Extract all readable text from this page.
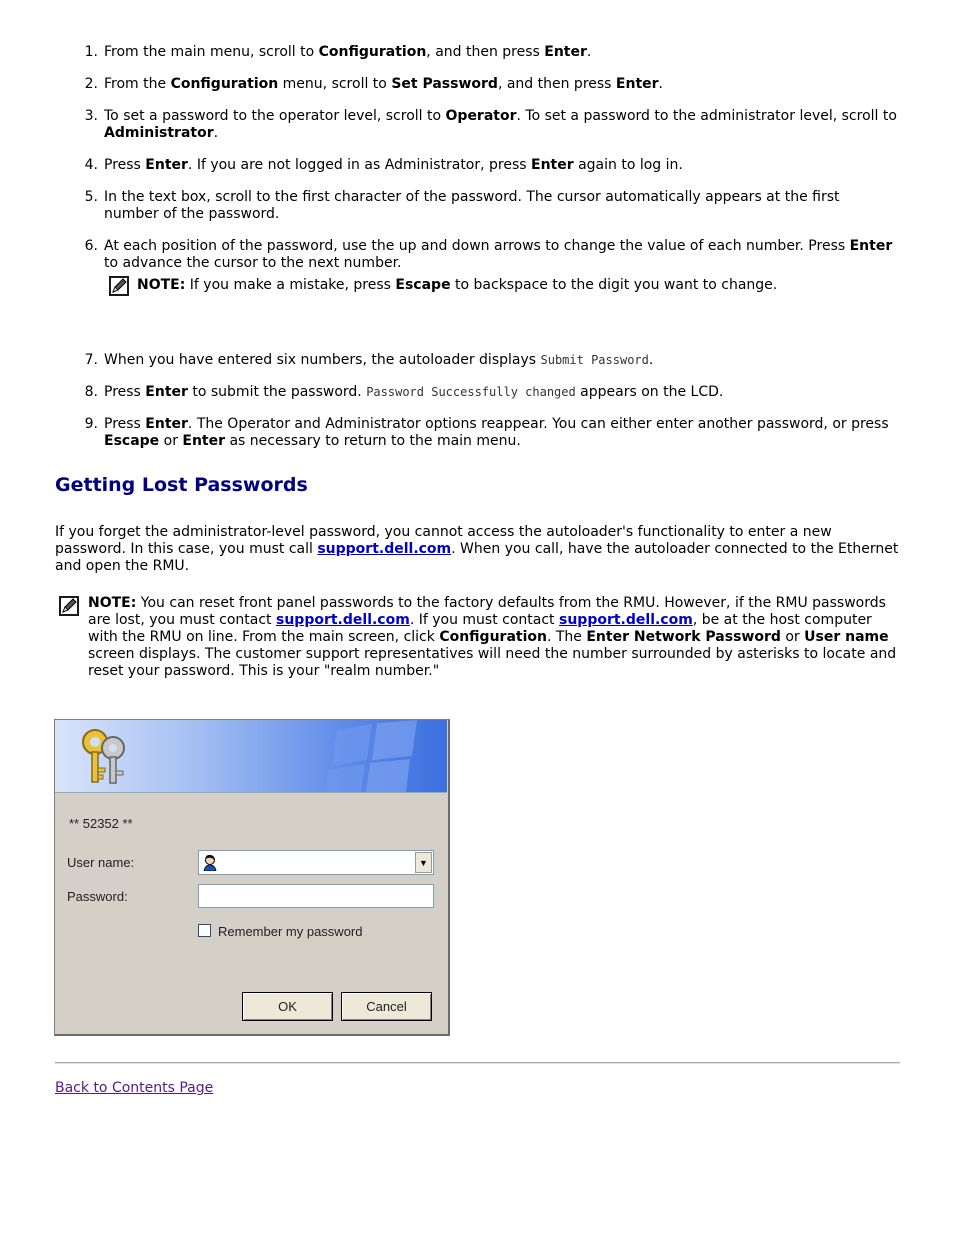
1. From the main menu, scroll to Configuration, and then press Enter.
2. From the Configuration menu, scroll to Set Password, and then press Enter.
3. To set a password to the operator level, scroll to Operator. To set a password to the administrator level, scroll to Administrator.
4. Press Enter. If you are not logged in as Administrator, press Enter again to log in.
5. In the text box, scroll to the first character of the password. The cursor automatically appears at the first number of the password.
6. At each position of the password, use the up and down arrows to change the value of each number. Press Enter to advance the cursor to the next number.
NOTE: If you make a mistake, press Escape to backspace to the digit you want to change.
7. When you have entered six numbers, the autoloader displays Submit Password.
8. Press Enter to submit the password. Password Successfully changed appears on the LCD.
9. Press Enter. The Operator and Administrator options reappear. You can either enter another password, or press Escape or Enter as necessary to return to the main menu.
Getting Lost Passwords
If you forget the administrator-level password, you cannot access the autoloader's functionality to enter a new password. In this case, you must call support.dell.com. When you call, have the autoloader connected to the Ethernet and open the RMU.
NOTE: You can reset front panel passwords to the factory defaults from the RMU. However, if the RMU passwords are lost, you must contact support.dell.com. If you must contact support.dell.com, be at the host computer with the RMU on line. From the main screen, click Configuration. The Enter Network Password or User name screen displays. The customer support representatives will need the number surrounded by asterisks to locate and reset your password. This is your "realm number."
** 52352 **
User name:
Password:
▼
Remember my password
OK	Cancel
Back to Contents Page
